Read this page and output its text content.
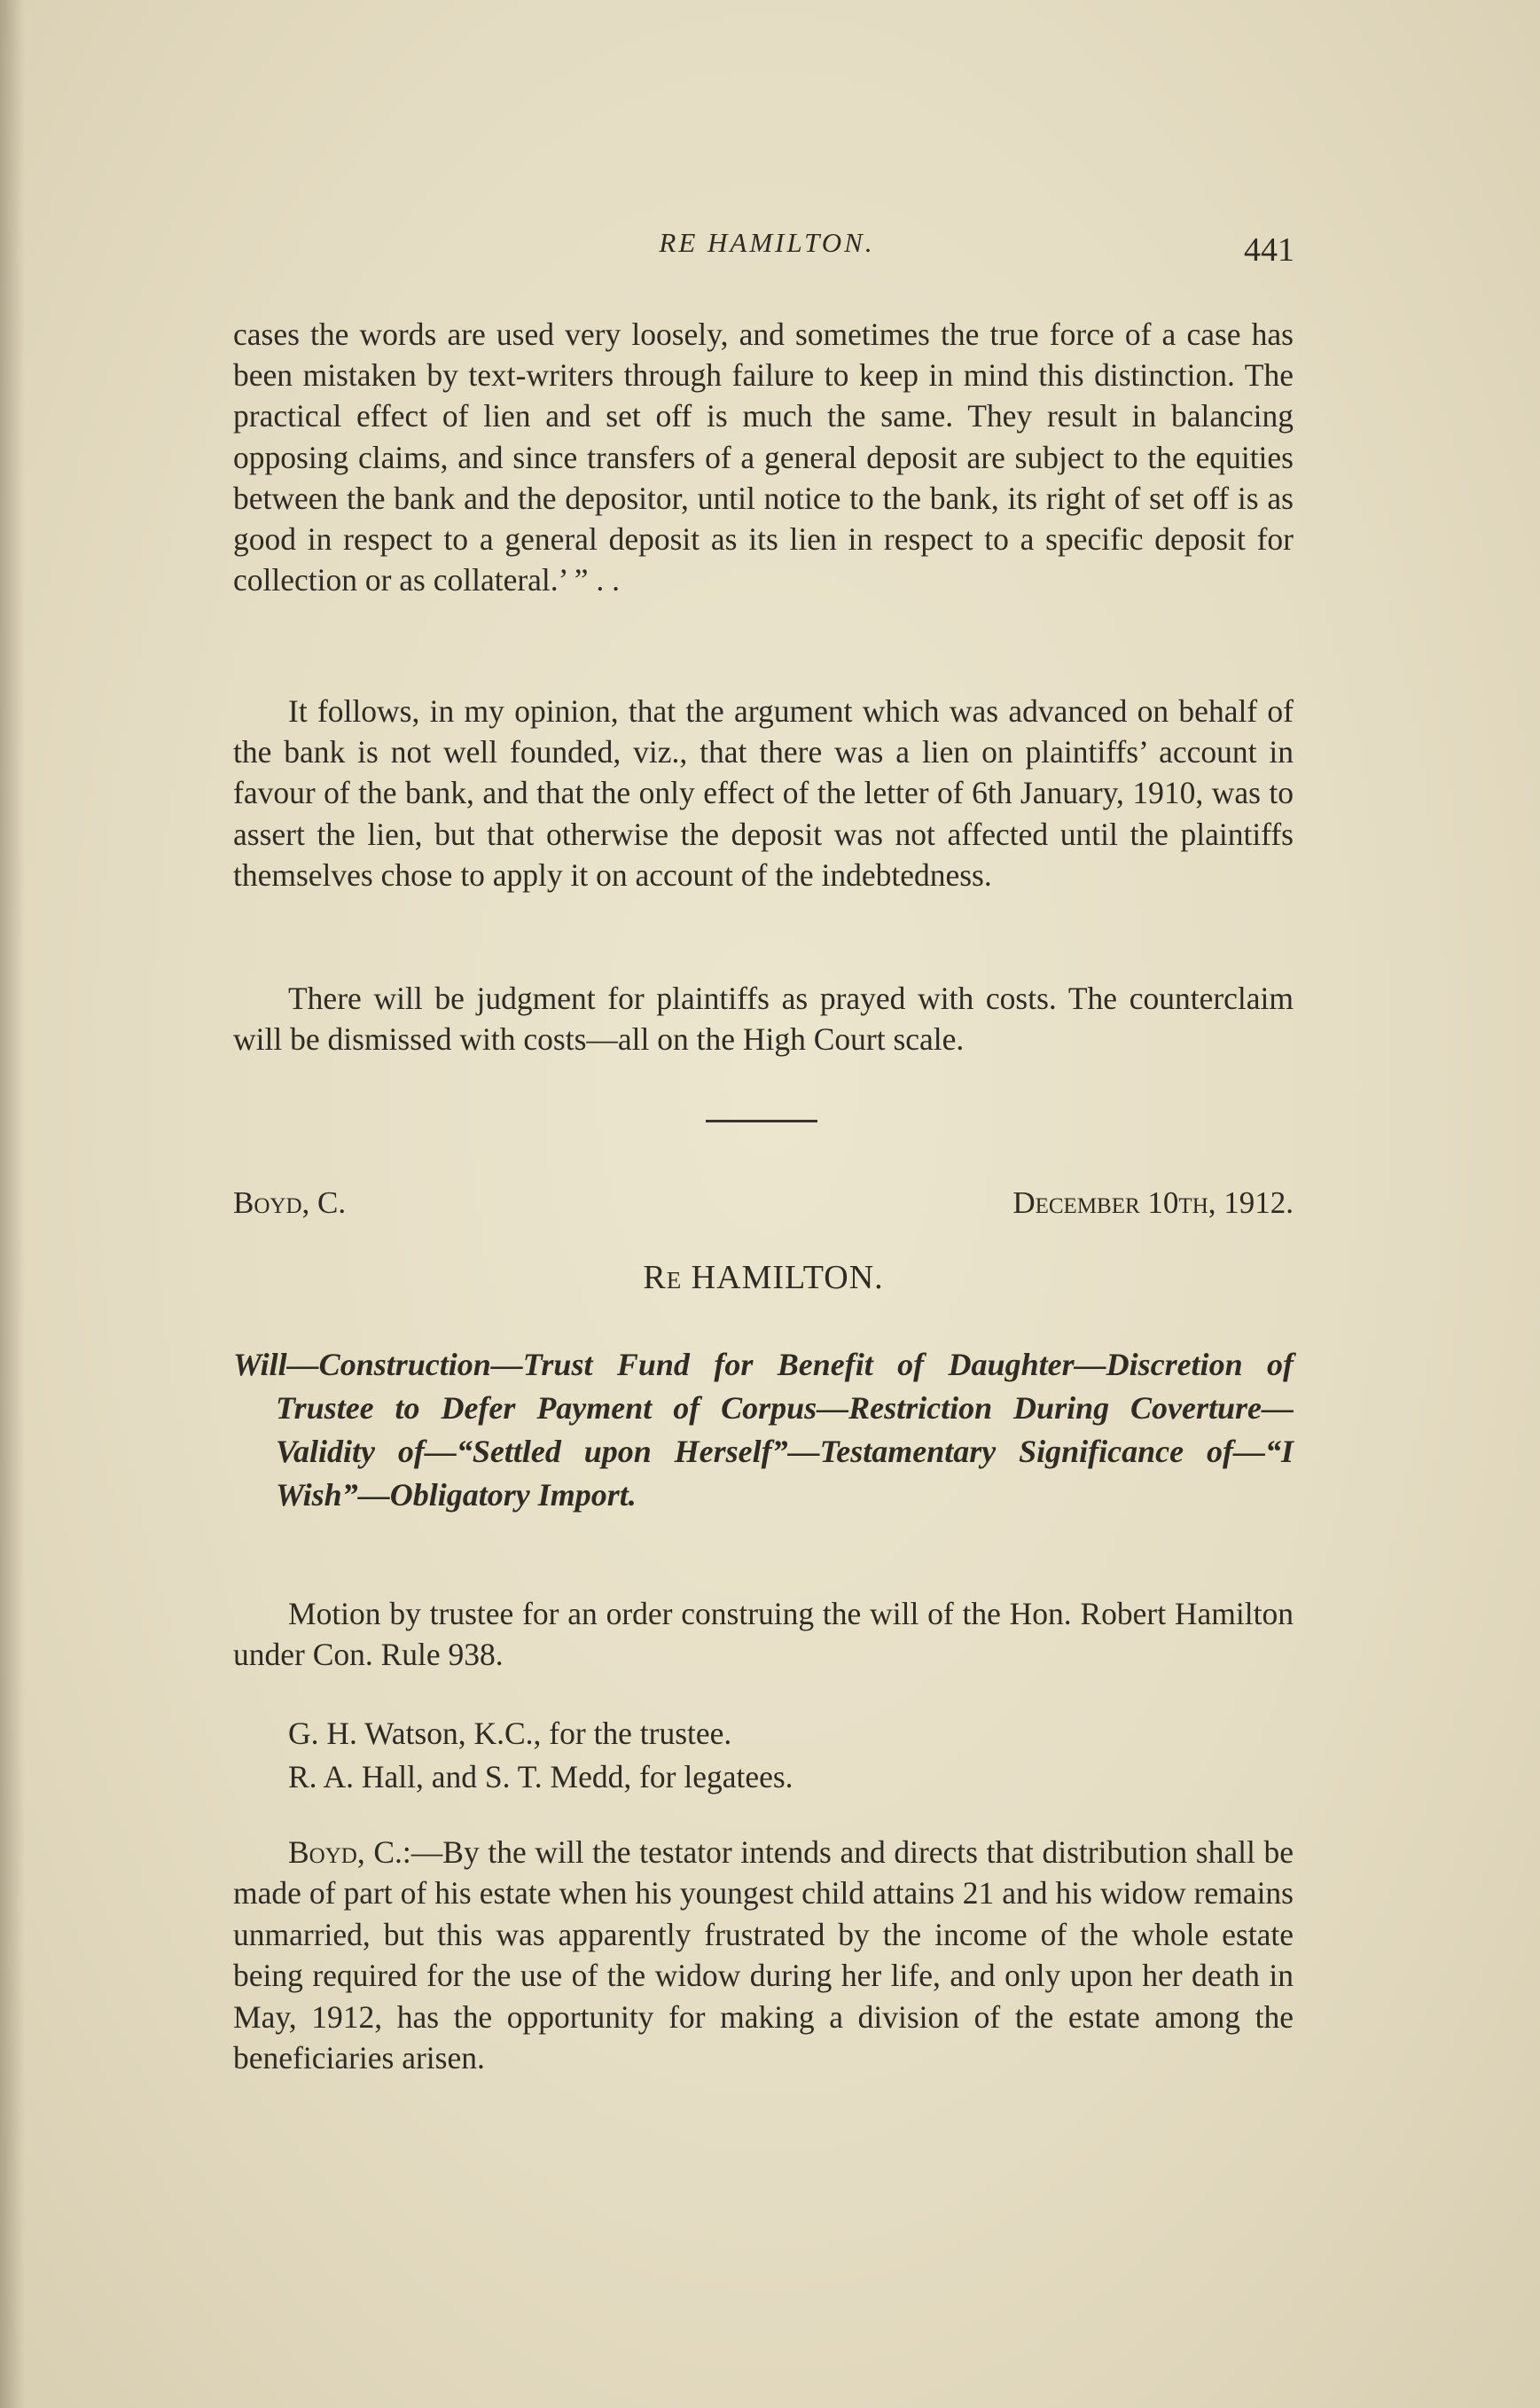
RE HAMILTON.	441

cases the words are used very loosely, and sometimes the true force of a case has been mistaken by text-writers through failure to keep in mind this distinction. The practical effect of lien and set off is much the same. They result in balancing opposing claims, and since transfers of a general deposit are subject to the equities between the bank and the depositor, until notice to the bank, its right of set off is as good in respect to a general deposit as its lien in respect to a specific deposit for collection or as collateral.’ ” . .

It follows, in my opinion, that the argument which was advanced on behalf of the bank is not well founded, viz., that there was a lien on plaintiffs’ account in favour of the bank, and that the only effect of the letter of 6th January, 1910, was to assert the lien, but that otherwise the deposit was not affected until the plaintiffs themselves chose to apply it on account of the indebtedness.

There will be judgment for plaintiffs as prayed with costs. The counterclaim will be dismissed with costs—all on the High Court scale.

Boyd, C.	December 10th, 1912.
Re HAMILTON.

Will—Construction—Trust Fund for Benefit of Daughter—Discretion of Trustee to Defer Payment of Corpus—Restriction During Coverture—Validity of—“Settled upon Herself”—Testamentary Significance of—“I Wish”—Obligatory Import.

Motion by trustee for an order construing the will of the Hon. Robert Hamilton under Con. Rule 938.

G. H. Watson, K.C., for the trustee.
R. A. Hall, and S. T. Medd, for legatees.

Boyd, C.:—By the will the testator intends and directs that distribution shall be made of part of his estate when his youngest child attains 21 and his widow remains unmarried, but this was apparently frustrated by the income of the whole estate being required for the use of the widow during her life, and only upon her death in May, 1912, has the opportunity for making a division of the estate among the beneficiaries arisen.
